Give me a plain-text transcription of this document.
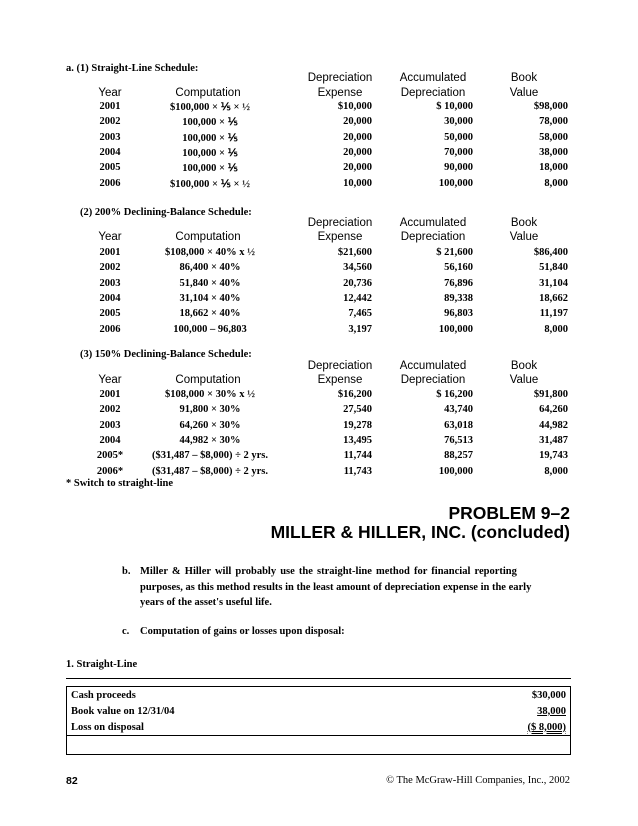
a. (1) Straight-Line Schedule:
Depreciation	Accumulated	Book
Year	Computation	Expense	Depreciation	Value
2001	$100,000 × ⅕ × ½	$10,000	$ 10,000	$98,000
2002	100,000 × ⅕	20,000	30,000	78,000
2003	100,000 × ⅕	20,000	50,000	58,000
2004	100,000 × ⅕	20,000	70,000	38,000
2005	100,000 × ⅕	20,000	90,000	18,000
2006	$100,000 × ⅕ × ½	10,000	100,000	8,000
(2) 200% Declining-Balance Schedule:
Depreciation	Accumulated	Book
Year	Computation	Expense	Depreciation	Value
2001	$108,000 × 40% x ½	$21,600	$ 21,600	$86,400
2002	86,400 × 40%	34,560	56,160	51,840
2003	51,840 × 40%	20,736	76,896	31,104
2004	31,104 × 40%	12,442	89,338	18,662
2005	18,662 × 40%	7,465	96,803	11,197
2006	100,000 – 96,803	3,197	100,000	8,000
(3) 150% Declining-Balance Schedule:
Depreciation	Accumulated	Book
Year	Computation	Expense	Depreciation	Value
2001	$108,000 × 30% x ½	$16,200	$ 16,200	$91,800
2002	91,800 × 30%	27,540	43,740	64,260
2003	64,260 × 30%	19,278	63,018	44,982
2004	44,982 × 30%	13,495	76,513	31,487
2005*	($31,487 – $8,000) ÷ 2 yrs.	11,744	88,257	19,743
2006*	($31,487 – $8,000) ÷ 2 yrs.	11,743	100,000	8,000
* Switch to straight-line
PROBLEM 9–2
MILLER & HILLER, INC. (concluded)
b. Miller & Hiller will probably use the straight-line method for financial reporting
purposes, as this method results in the least amount of depreciation expense in the early
years of the asset's useful life.
c. Computation of gains or losses upon disposal:
1. Straight-Line
Cash proceeds	$30,000
Book value on 12/31/04	38,000
Loss on disposal	($ 8,000)

82	© The McGraw-Hill Companies, Inc., 2002
